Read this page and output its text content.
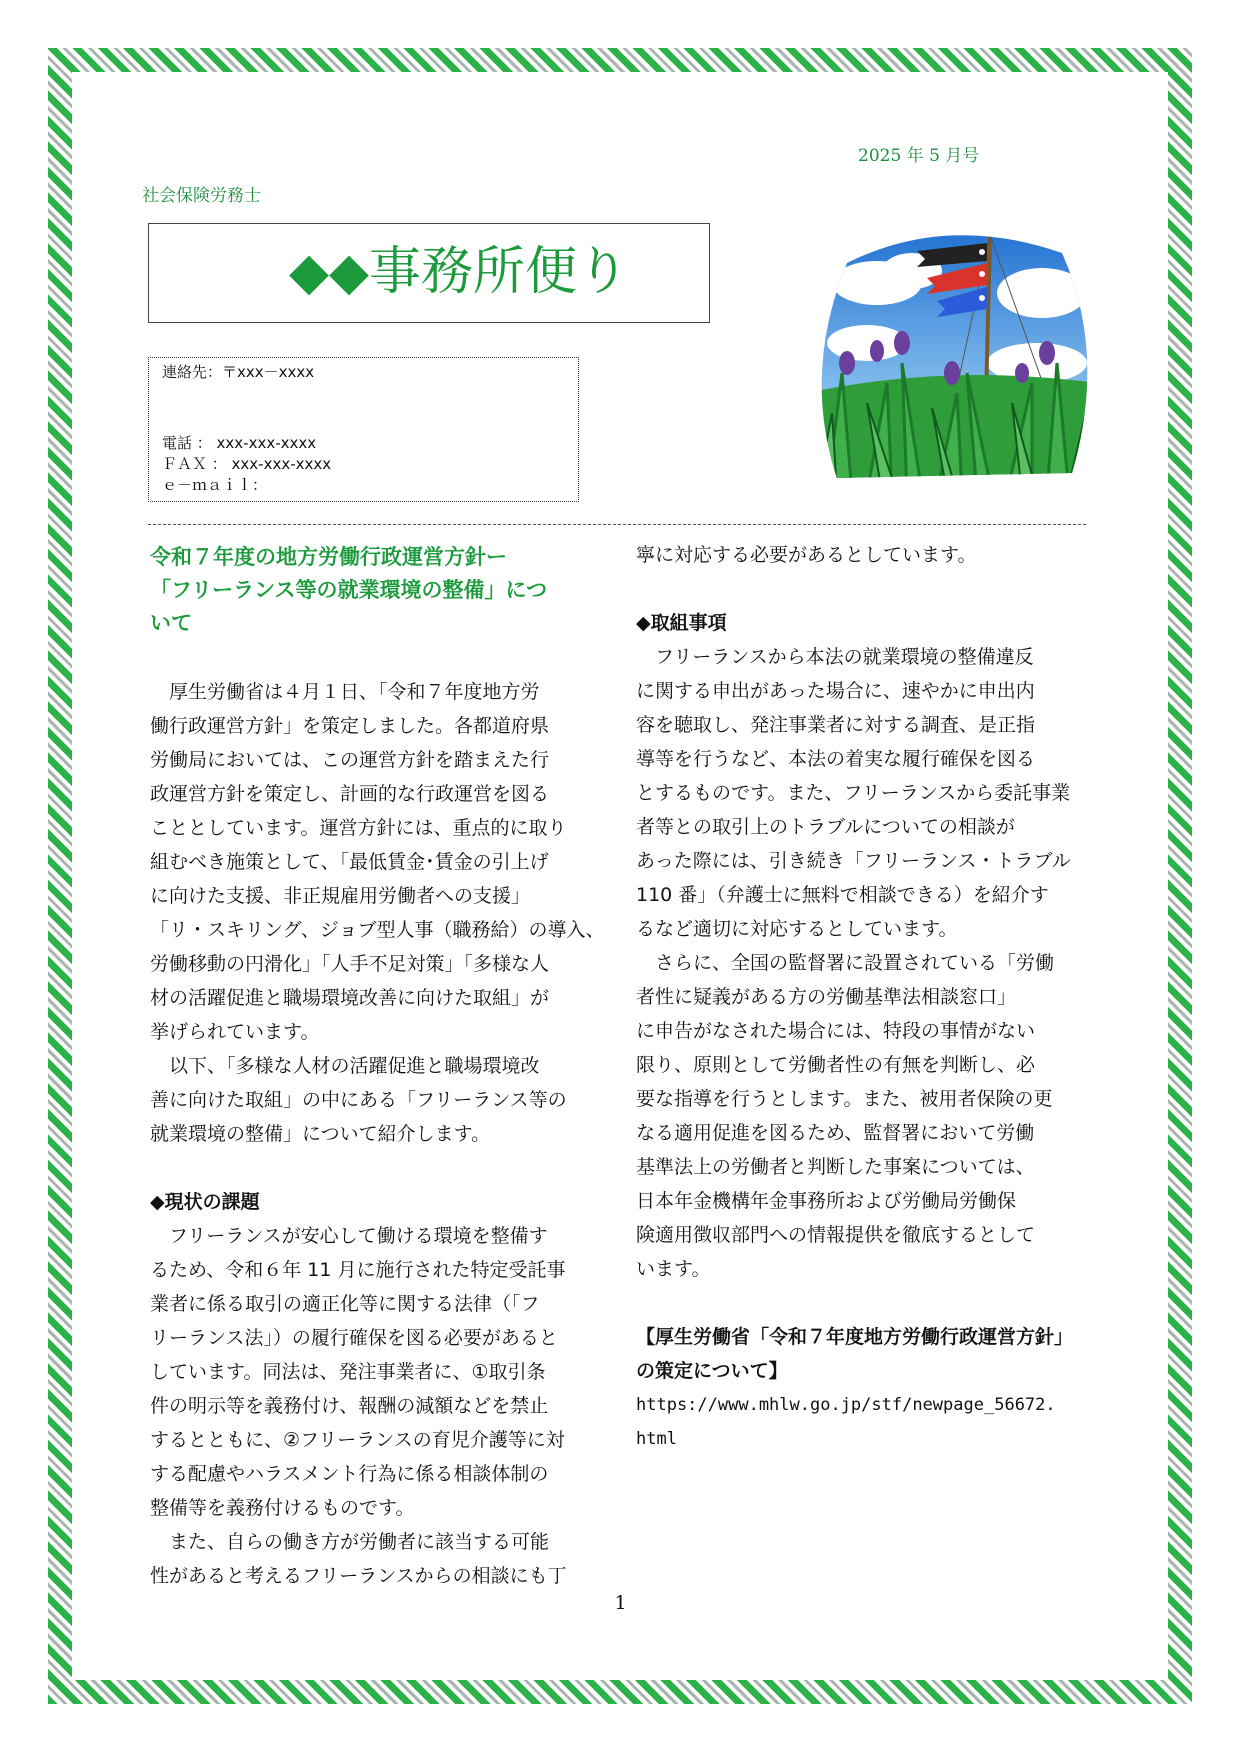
2025 年 5 月号
社会保険労務士
◆◆事務所便り
連絡先：〒xxx－xxxx
電話 ： xxx-xxx-xxxx
ＦＡＸ ： xxx-xxx-xxxx
ｅ－ｍａｉｌ：
令和７年度の地方労働行政運営方針ー
「フリーランス等の就業環境の整備」につ
いて
　厚生労働省は４月１日、「令和７年度地方労
働行政運営方針」を策定しました。各都道府県
労働局においては、この運営方針を踏まえた行
政運営方針を策定し、計画的な行政運営を図る
こととしています。運営方針には、重点的に取り
組むべき施策として、「最低賃金･賃金の引上げ
に向けた支援、非正規雇用労働者への支援」
「リ・スキリング、ジョブ型人事（職務給）の導入、
労働移動の円滑化」「人手不足対策」「多様な人
材の活躍促進と職場環境改善に向けた取組」が
挙げられています。
　以下、「多様な人材の活躍促進と職場環境改
善に向けた取組」の中にある「フリーランス等の
就業環境の整備」について紹介します。
◆現状の課題
　フリーランスが安心して働ける環境を整備す
るため、令和６年 11 月に施行された特定受託事
業者に係る取引の適正化等に関する法律（「フ
リーランス法」）の履行確保を図る必要があると
しています。同法は、発注事業者に、①取引条
件の明示等を義務付け、報酬の減額などを禁止
するとともに、②フリーランスの育児介護等に対
する配慮やハラスメント行為に係る相談体制の
整備等を義務付けるものです。
　また、自らの働き方が労働者に該当する可能
性があると考えるフリーランスからの相談にも丁
寧に対応する必要があるとしています。
◆取組事項
　フリーランスから本法の就業環境の整備違反
に関する申出があった場合に、速やかに申出内
容を聴取し、発注事業者に対する調査、是正指
導等を行うなど、本法の着実な履行確保を図る
とするものです。また、フリーランスから委託事業
者等との取引上のトラブルについての相談が
あった際には、引き続き「フリーランス・トラブル
110 番」（弁護士に無料で相談できる）を紹介す
るなど適切に対応するとしています。
　さらに、全国の監督署に設置されている「労働
者性に疑義がある方の労働基準法相談窓口」
に申告がなされた場合には、特段の事情がない
限り、原則として労働者性の有無を判断し、必
要な指導を行うとします。また、被用者保険の更
なる適用促進を図るため、監督署において労働
基準法上の労働者と判断した事案については、
日本年金機構年金事務所および労働局労働保
険適用徴収部門への情報提供を徹底するとして
います。
【厚生労働省「令和７年度地方労働行政運営方針」
の策定について】
https://www.mhlw.go.jp/stf/newpage_56672.
html
1
